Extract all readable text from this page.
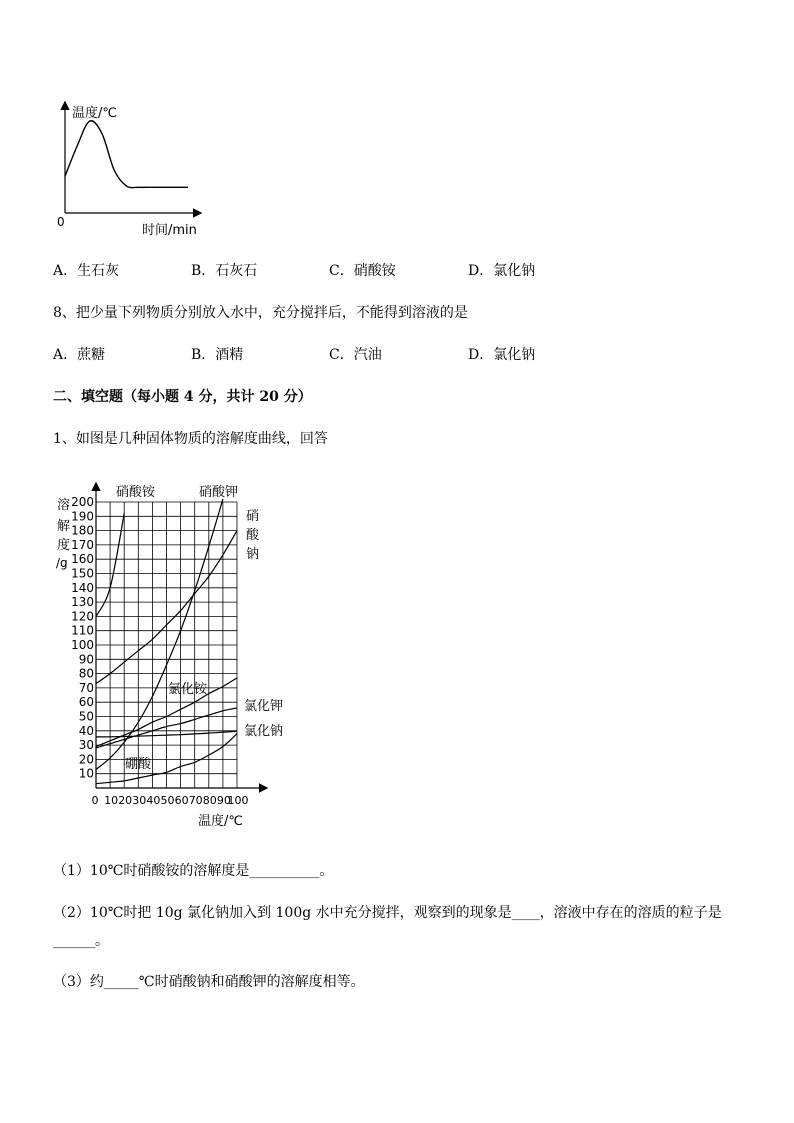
温度/℃
0
时间/min
A．生石灰	B．石灰石	C．硝酸铵	D．氯化钠
8、把少量下列物质分别放入水中，充分搅拌后，不能得到溶液的是
A．蔗糖	B．酒精	C．汽油	D．氯化钠
二、填空题（每小题 4 分，共计 20 分）
1、如图是几种固体物质的溶解度曲线，回答
10
20
30
40
50
60
70
80
90
100
110
120
130
140
150
160
170
180
190
200
0 10 20 30 40 50 60 70 80 90
100
溶
解
度
/g
硝酸铵	硝酸钾
硝 酸 钠
氯化铵
氯化钾
氯化钠
硼酸
温度/℃
（1）10℃时硝酸铵的溶解度是__________。
（2）10℃时把 10g 氯化钠加入到 100g 水中充分搅拌，观察到的现象是____，溶液中存在的溶质的粒子是
______。
（3）约_____℃时硝酸钠和硝酸钾的溶解度相等。
